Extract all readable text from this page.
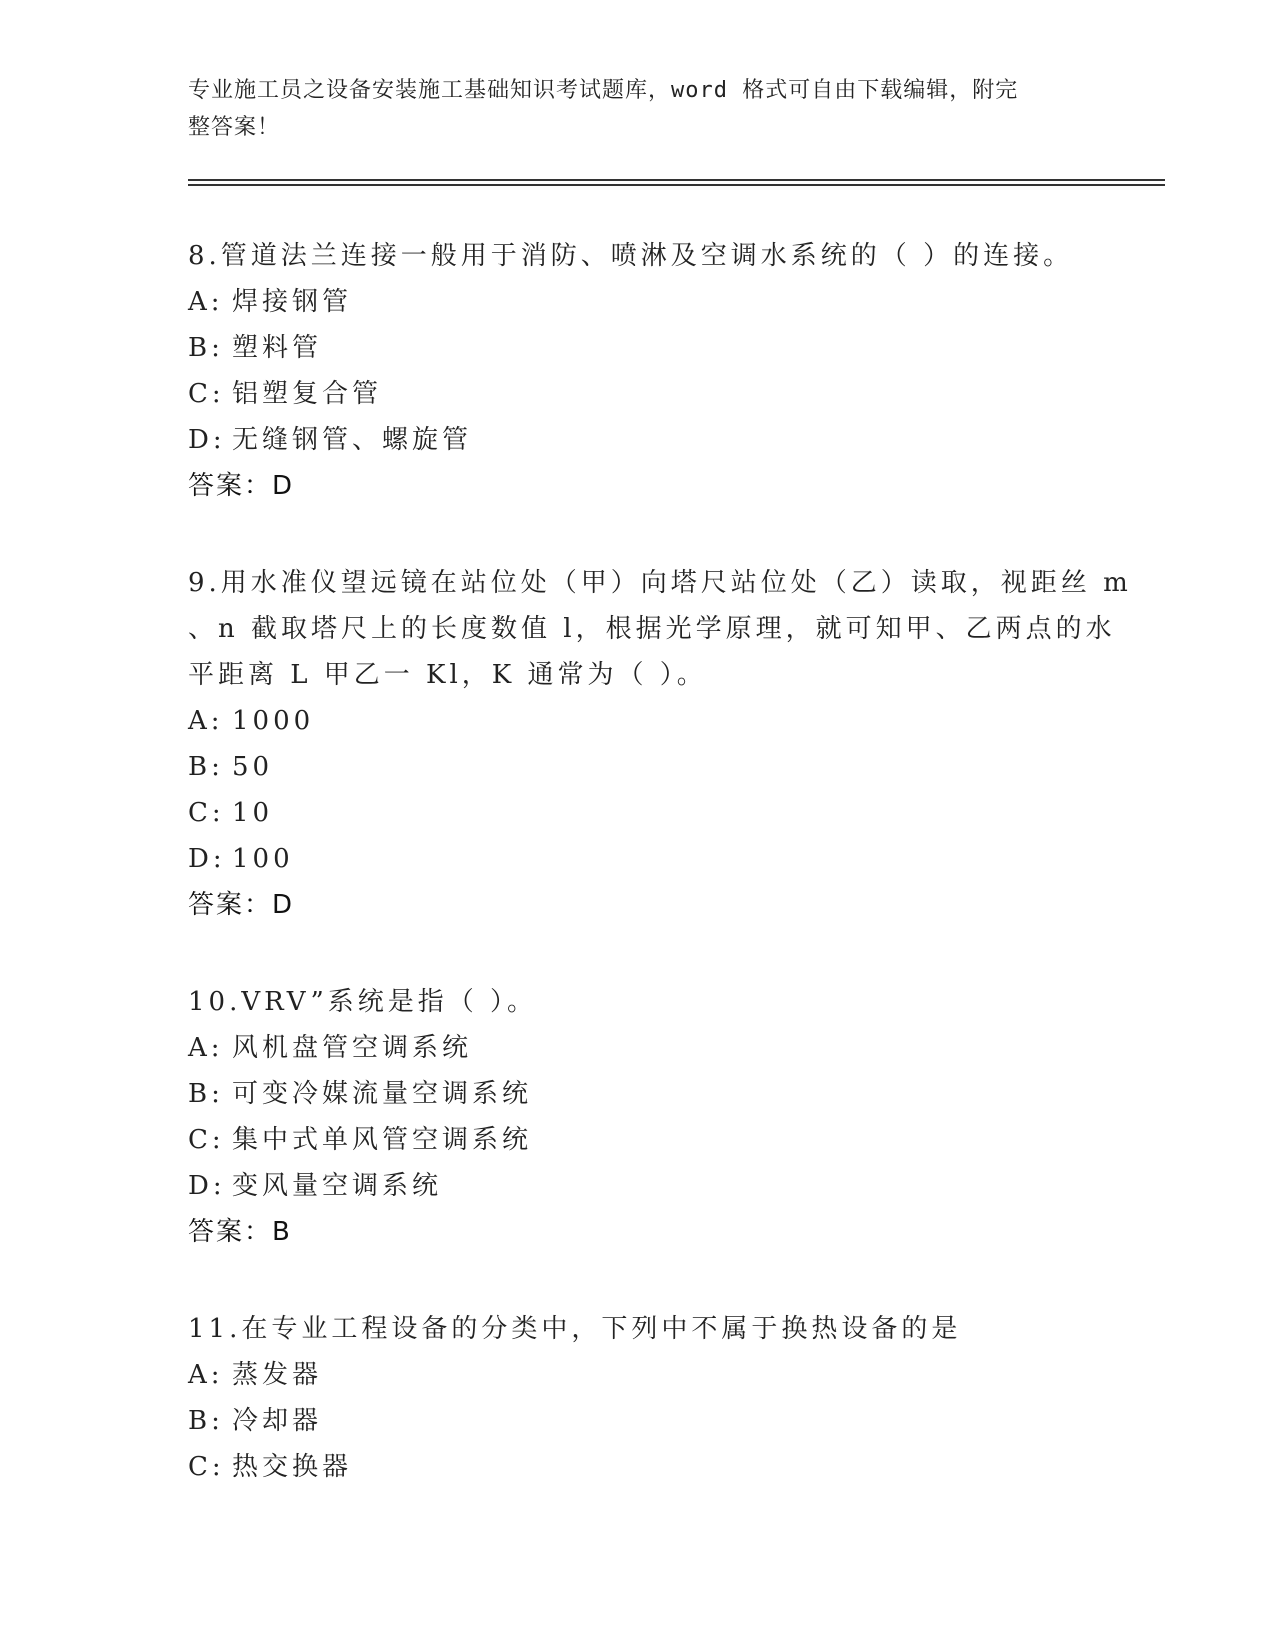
专业施工员之设备安装施工基础知识考试题库，word 格式可自由下载编辑，附完
整答案！
8.管道法兰连接一般用于消防、喷淋及空调水系统的（ ）的连接。
A: 焊接钢管
B: 塑料管
C: 铝塑复合管
D: 无缝钢管、螺旋管
答案：D
9.用水准仪望远镜在站位处（甲）向塔尺站位处（乙）读取，视距丝 m
、n 截取塔尺上的长度数值 l，根据光学原理，就可知甲、乙两点的水
平距离 L 甲乙一 Kl，K 通常为（ ）。
A: 1000
B: 50
C: 10
D: 100
答案：D
10.VRV”系统是指（ ）。
A: 风机盘管空调系统
B: 可变冷媒流量空调系统
C: 集中式单风管空调系统
D: 变风量空调系统
答案：B
11.在专业工程设备的分类中，下列中不属于换热设备的是
A: 蒸发器
B: 冷却器
C: 热交换器
